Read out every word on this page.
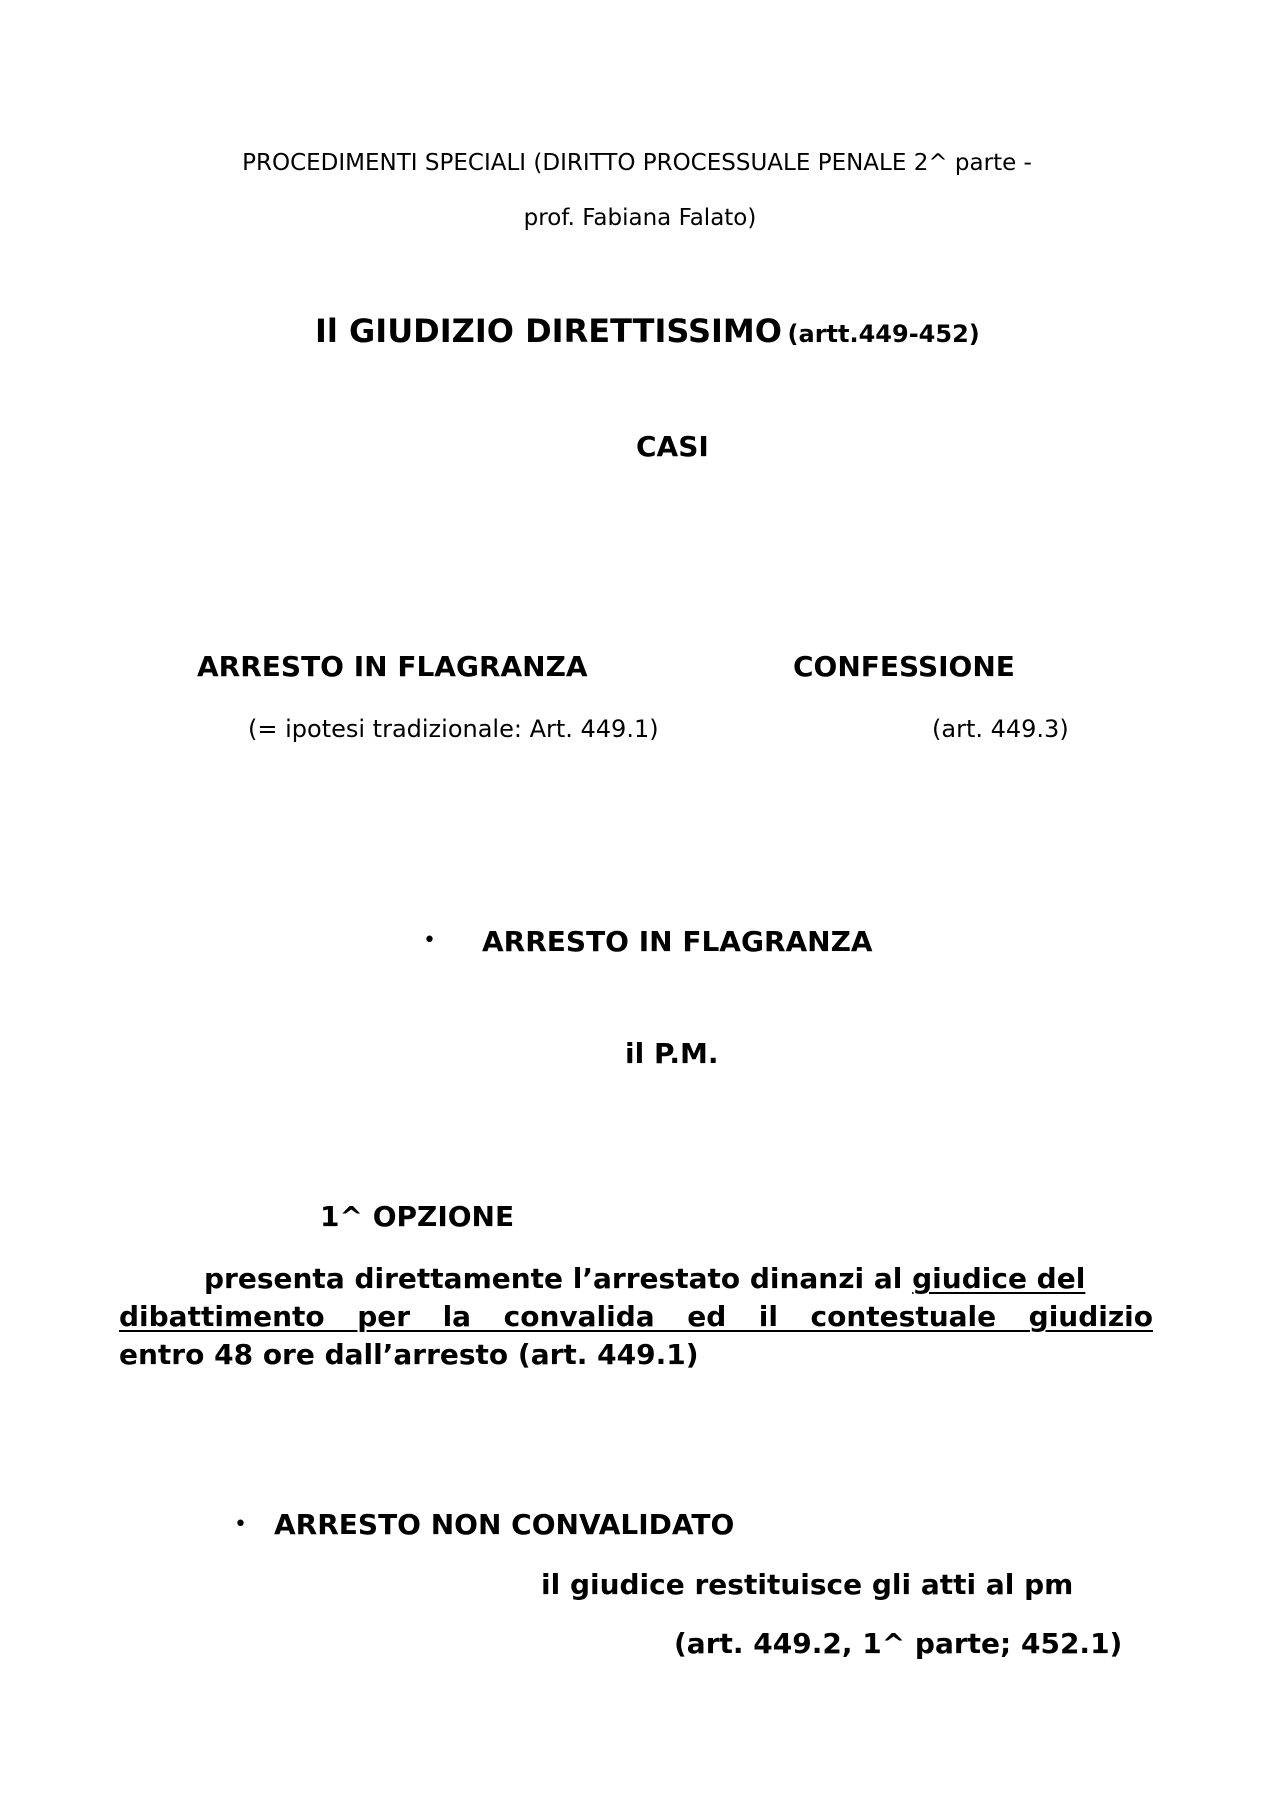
PROCEDIMENTI SPECIALI (DIRITTO PROCESSUALE PENALE 2^ parte -
prof. Fabiana Falato)
Il GIUDIZIO DIRETTISSIMO (artt.449-452)
CASI
ARRESTO IN FLAGRANZA
(= ipotesi tradizionale: Art. 449.1)
CONFESSIONE
(art. 449.3)
• ARRESTO IN FLAGRANZA
il P.M.
1^ OPZIONE
presenta direttamente l’arrestato dinanzi al giudice del
dibattimento per la convalida ed il contestuale giudizio
entro 48 ore dall’arresto (art. 449.1)
• ARRESTO NON CONVALIDATO
il giudice restituisce gli atti al pm
(art. 449.2, 1^ parte; 452.1)
